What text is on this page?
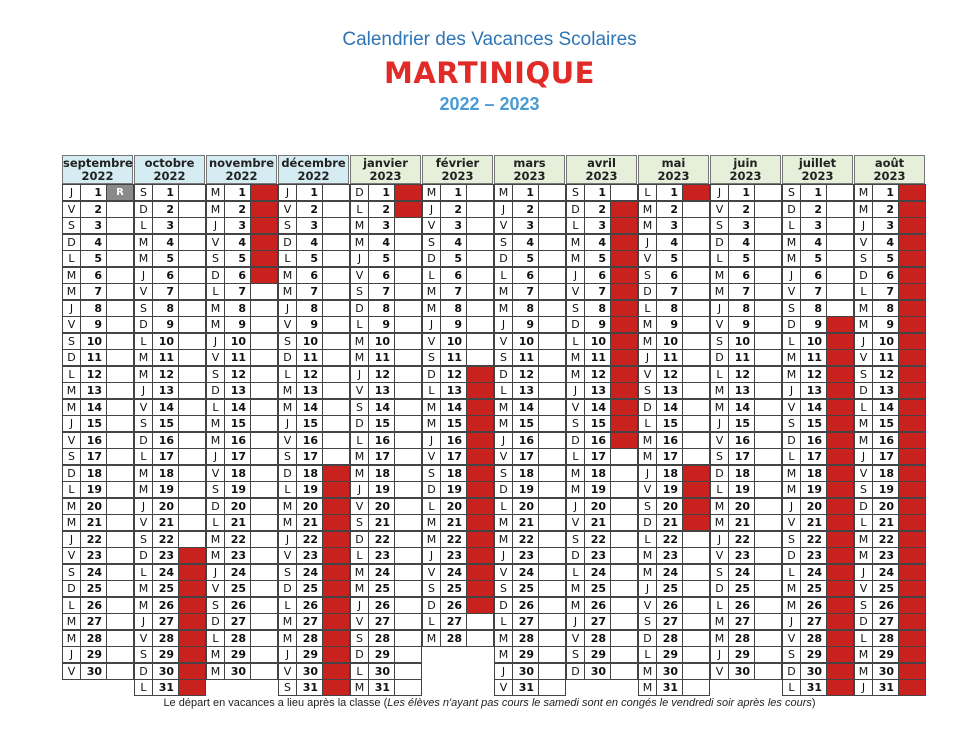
Calendrier des Vacances Scolaires
MARTINIQUE
2022 – 2023
septembre
2022
J	1	R
V	2
S	3
D	4
L	5
M	6
M	7
J	8
V	9
S	10
D 11
L	12
M 13
M 14
J	15
V	16
S	17
D 18
L	19
M 20
M 21
J	22
V	23
S	24
D 25
L	26
M 27
M 28
J	29
V	30
octobre
2022
S	1
D	2
L	3
M	4
M	5
J	6
V	7
S	8
D	9
L	10
M 11
M 12
J	13
V	14
S	15
D 16
L	17
M 18
M 19
J	20
V	21
S	22
D 23
L	24
M 25
M 26
J	27
V	28
S	29
D 30
L	31
novembre
2022
M	1
M	2
J	3
V	4
S	5
D	6
L	7
M	8
M	9
J	10
V	11
S	12
D 13
L	14
M 15
M 16
J	17
V	18
S	19
D 20
L	21
M 22
M 23
J	24
V	25
S	26
D 27
L	28
M 29
M 30
décembre
2022
J	1
V	2
S	3
D	4
L	5
M	6
M	7
J	8
V	9
S	10
D 11
L	12
M 13
M 14
J	15
V	16
S	17
D 18
L	19
M 20
M 21
J	22
V	23
S	24
D 25
L	26
M 27
M 28
J	29
V	30
S	31
janvier
2023
D	1
L	2
M	3
M	4
J	5
V	6
S	7
D	8
L	9
M 10
M 11
J	12
V	13
S	14
D 15
L	16
M 17
M 18
J	19
V	20
S	21
D 22
L	23
M 24
M 25
J	26
V	27
S	28
D 29
L	30
M 31
février
2023
M	1
J	2
V	3
S	4
D	5
L	6
M	7
M	8
J	9
V	10
S	11
D 12
L	13
M 14
M 15
J	16
V	17
S	18
D 19
L	20
M 21
M 22
J	23
V	24
S	25
D 26
L	27
M 28
mars
2023
M	1
J	2
V	3
S	4
D	5
L	6
M	7
M	8
J	9
V	10
S	11
D 12
L	13
M 14
M 15
J	16
V	17
S	18
D 19
L	20
M 21
M 22
J	23
V	24
S	25
D 26
L	27
M 28
M 29
J	30
V	31
avril
2023
S	1
D	2
L	3
M	4
M	5
J	6
V	7
S	8
D	9
L	10
M 11
M 12
J	13
V	14
S	15
D 16
L	17
M 18
M 19
J	20
V	21
S	22
D 23
L	24
M 25
M 26
J	27
V	28
S	29
D 30
mai
2023
L	1
M	2
M	3
J	4
V	5
S	6
D	7
L	8
M	9
M 10
J	11
V	12
S	13
D 14
L	15
M 16
M 17
J	18
V	19
S	20
D 21
L	22
M 23
M 24
J	25
V	26
S	27
D 28
L	29
M 30
M 31
juin
2023
J	1
V	2
S	3
D	4
L	5
M	6
M	7
J	8
V	9
S	10
D 11
L	12
M 13
M 14
J	15
V	16
S	17
D 18
L	19
M 20
M 21
J	22
V	23
S	24
D 25
L	26
M 27
M 28
J	29
V	30
juillet
2023
S	1
D	2
L	3
M	4
M	5
J	6
V	7
S	8
D	9
L	10
M 11
M 12
J	13
V	14
S	15
D 16
L	17
M 18
M 19
J	20
V	21
S	22
D 23
L	24
M 25
M 26
J	27
V	28
S	29
D 30
L	31
août
2023
M	1
M	2
J	3
V	4
S	5
D	6
L	7
M	8
M	9
J	10
V	11
S	12
D 13
L	14
M 15
M 16
J	17
V	18
S	19
D 20
L	21
M 22
M 23
J	24
V	25
S	26
D 27
L	28
M 29
M 30
J	31
Le départ en vacances a lieu après la classe (Les élèves n'ayant pas cours le samedi sont en congés le vendredi soir après les cours)
